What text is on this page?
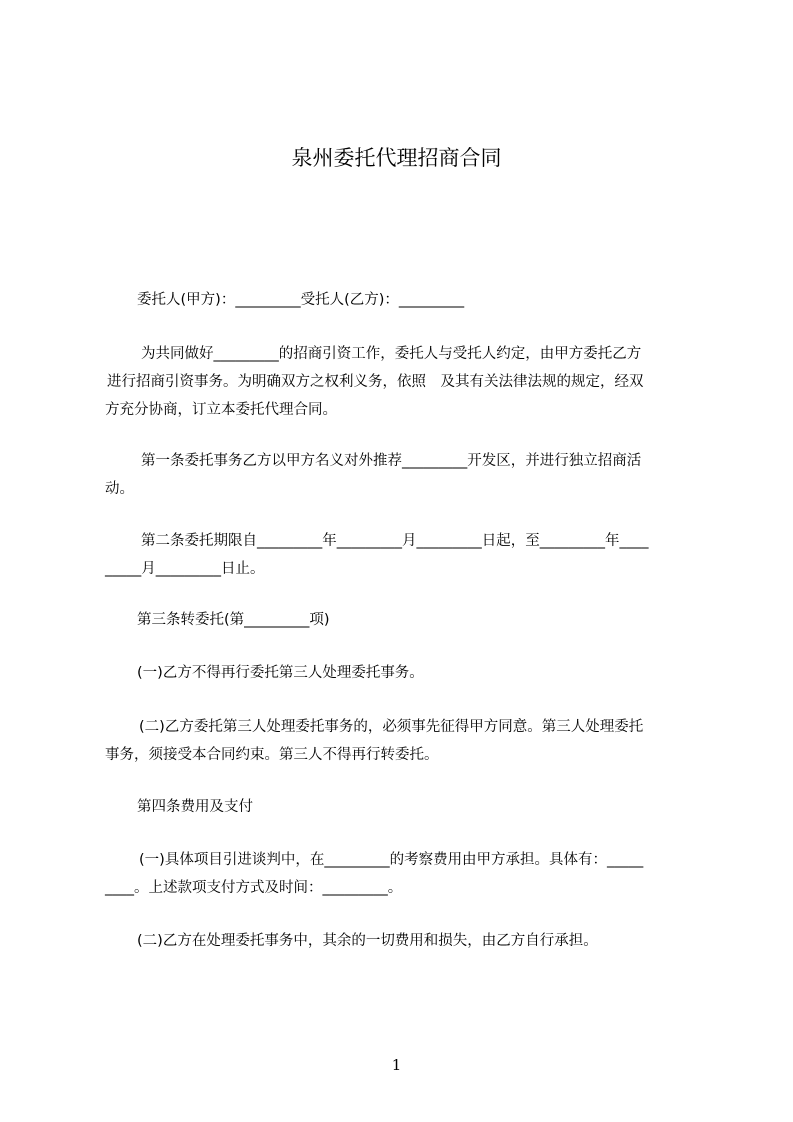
泉州委托代理招商合同
委托人(甲方)：_________受托人(乙方)：_________
为共同做好_________的招商引资工作，委托人与受托人约定，由甲方委托乙方
进行招商引资事务。为明确双方之权利义务，依照　及其有关法律法规的规定，经双
方充分协商，订立本委托代理合同。
第一条委托事务乙方以甲方名义对外推荐_________开发区，并进行独立招商活
动。
第二条委托期限自_________年_________月_________日起，至_________年____
_____月_________日止。
第三条转委托(第_________项)
(一)乙方不得再行委托第三人处理委托事务。
(二)乙方委托第三人处理委托事务的，必须事先征得甲方同意。第三人处理委托
事务，须接受本合同约束。第三人不得再行转委托。
第四条费用及支付
(一)具体项目引进谈判中，在_________的考察费用由甲方承担。具体有：_____
____。上述款项支付方式及时间：_________。
(二)乙方在处理委托事务中，其余的一切费用和损失，由乙方自行承担。
1
